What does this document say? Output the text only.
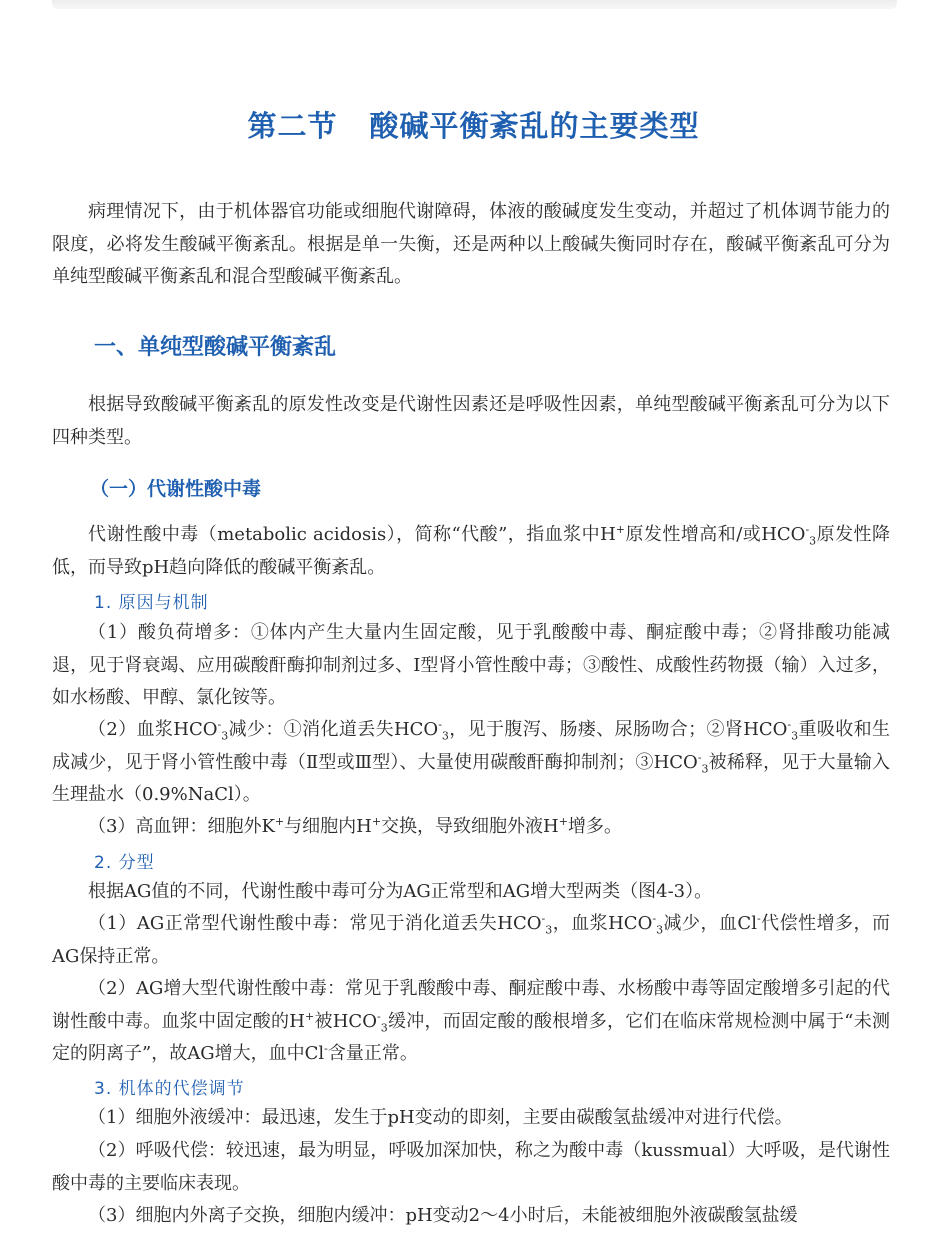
第二节 酸碱平衡紊乱的主要类型

病理情况下，由于机体器官功能或细胞代谢障碍，体液的酸碱度发生变动，并超过了机体调节能力的限度，必将发生酸碱平衡紊乱。根据是单一失衡，还是两种以上酸碱失衡同时存在，酸碱平衡紊乱可分为单纯型酸碱平衡紊乱和混合型酸碱平衡紊乱。

一、单纯型酸碱平衡紊乱

根据导致酸碱平衡紊乱的原发性改变是代谢性因素还是呼吸性因素，单纯型酸碱平衡紊乱可分为以下四种类型。

（一）代谢性酸中毒

代谢性酸中毒（metabolic acidosis），简称“代酸”，指血浆中H+原发性增高和/或$HCO^-_3$原发性降低，而导致pH趋向降低的酸碱平衡紊乱。

1. 原因与机制

（1）酸负荷增多：①体内产生大量内生固定酸，见于乳酸酸中毒、酮症酸中毒；②肾排酸功能减退，见于肾衰竭、应用碳酸酐酶抑制剂过多、Ⅰ型肾小管性酸中毒；③酸性、成酸性药物摄（输）入过多，如水杨酸、甲醇、氯化铵等。

（2）血浆$HCO^-_3$减少：①消化道丢失$HCO^-_3$，见于腹泻、肠瘘、尿肠吻合；②肾$HCO^-_3$重吸收和生成减少，见于肾小管性酸中毒（Ⅱ型或Ⅲ型）、大量使用碳酸酐酶抑制剂；$③HCO^-_3$被稀释，见于大量输入生理盐水（0.9%NaCl）。

（3）高血钾：细胞外K+与细胞内H+交换，导致细胞外液H+增多。

2. 分型

根据AG值的不同，代谢性酸中毒可分为AG正常型和AG增大型两类（图4-3）。

（1）AG正常型代谢性酸中毒：常见于消化道丢失$HCO^-_3$，血浆$HCO^-_3$减少，血Cl-代偿性增多，而AG保持正常。

（2）AG增大型代谢性酸中毒：常见于乳酸酸中毒、酮症酸中毒、水杨酸中毒等固定酸增多引起的代谢性酸中毒。血浆中固定酸的H+被$HCO^-_3$缓冲，而固定酸的酸根增多，它们在临床常规检测中属于“未测定的阴离子”，故AG增大，血中Cl-含量正常。

3. 机体的代偿调节

（1）细胞外液缓冲：最迅速，发生于pH变动的即刻，主要由碳酸氢盐缓冲对进行代偿。

（2）呼吸代偿：较迅速，最为明显，呼吸加深加快，称之为酸中毒（kussmual）大呼吸，是代谢性酸中毒的主要临床表现。

（3）细胞内外离子交换，细胞内缓冲：pH变动2～4小时后，未能被细胞外液碳酸氢盐缓
